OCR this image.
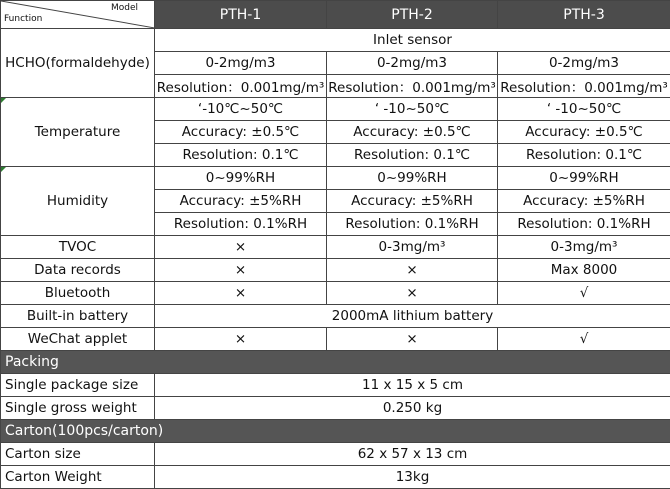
Model
Function	PTH-1	PTH-2	PTH-3
HCHO(formaldehyde)	Inlet sensor		
	0-2mg/m3	0-2mg/m3	0-2mg/m3
	Resolution：0.001mg/m³	Resolution：0.001mg/m³	Resolution：0.001mg/m³

Temperature	‘-10℃~50℃	‘ -10~50℃	‘ -10~50℃
	Accuracy: ±0.5℃	Accuracy: ±0.5℃	Accuracy: ±0.5℃
	Resolution: 0.1℃	Resolution: 0.1℃	Resolution: 0.1℃

Humidity	0~99%RH	0~99%RH	0~99%RH
	Accuracy: ±5%RH	Accuracy: ±5%RH	Accuracy: ±5%RH
	Resolution: 0.1%RH	Resolution: 0.1%RH	Resolution: 0.1%RH
TVOC	×	0-3mg/m³	0-3mg/m³
Data records	×	×	Max 8000
Bluetooth	×	×	√
Built-in battery	2000mA lithium battery		
WeChat applet	×	×	√
Packing			
Single package size	11 x 15 x 5 cm		
Single gross weight	0.250 kg		
Carton(100pcs/carton)			
Carton size	62 x 57 x 13 cm		
Carton Weight	13kg		
